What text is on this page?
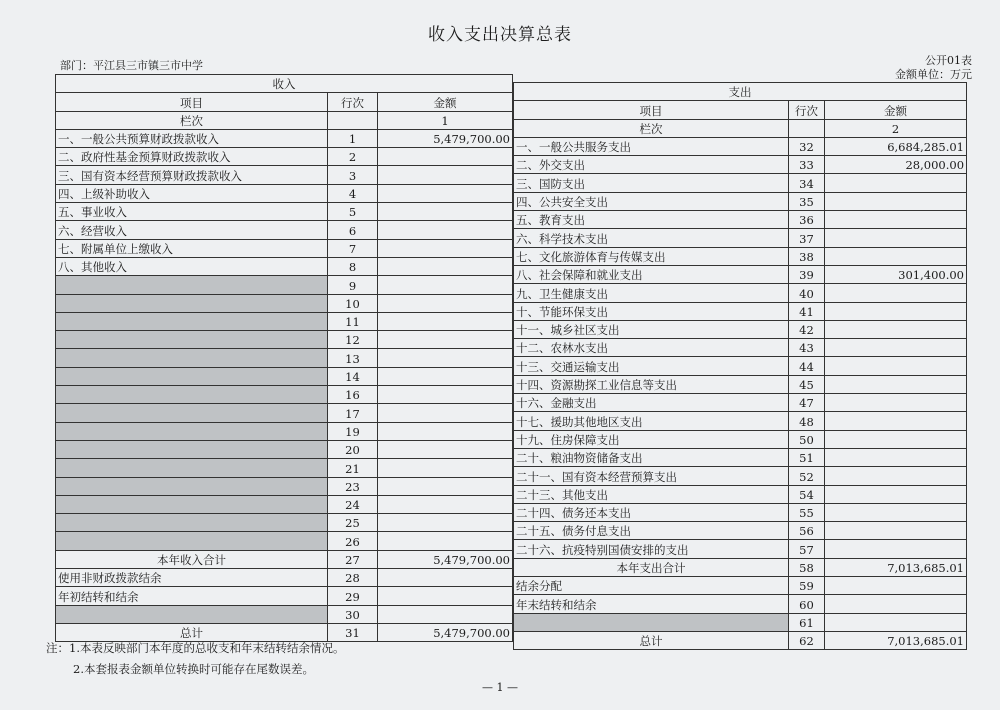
收入支出决算总表
部门：平江县三市镇三市中学	公开01表
金额单位：万元
收入		
项目	行次	金额
栏次		1
一、一般公共预算财政拨款收入	1	5,479,700.00
二、政府性基金预算财政拨款收入	2	
三、国有资本经营预算财政拨款收入	3	
四、上级补助收入	4	
五、事业收入	5	
六、经营收入	6	
七、附属单位上缴收入	7	
八、其他收入	8	
	9	
	10	
	11	
	12	
	13	
	14	
	16	
	17	
	19	
	20	
	21	
	23	
	24	
	25	
	26	
本年收入合计	27	5,479,700.00
使用非财政拨款结余	28	
年初结转和结余	29	
	30	
总计	31	5,479,700.00
支出		
项目	行次	金额
栏次		2
一、一般公共服务支出	32	6,684,285.01
二、外交支出	33	28,000.00
三、国防支出	34	
四、公共安全支出	35	
五、教育支出	36	
六、科学技术支出	37	
七、文化旅游体育与传媒支出	38	
八、社会保障和就业支出	39	301,400.00
九、卫生健康支出	40	
十、节能环保支出	41	
十一、城乡社区支出	42	
十二、农林水支出	43	
十三、交通运输支出	44	
十四、资源勘探工业信息等支出	45	
十六、金融支出	47	
十七、援助其他地区支出	48	
十九、住房保障支出	50	
二十、粮油物资储备支出	51	
二十一、国有资本经营预算支出	52	
二十三、其他支出	54	
二十四、债务还本支出	55	
二十五、债务付息支出	56	
二十六、抗疫特别国债安排的支出	57	
本年支出合计	58	7,013,685.01
结余分配	59	
年末结转和结余	60	
	61	
总计	62	7,013,685.01
注：1.本表反映部门本年度的总收支和年末结转结余情况。
2.本套报表金额单位转换时可能存在尾数误差。
— 1 —
